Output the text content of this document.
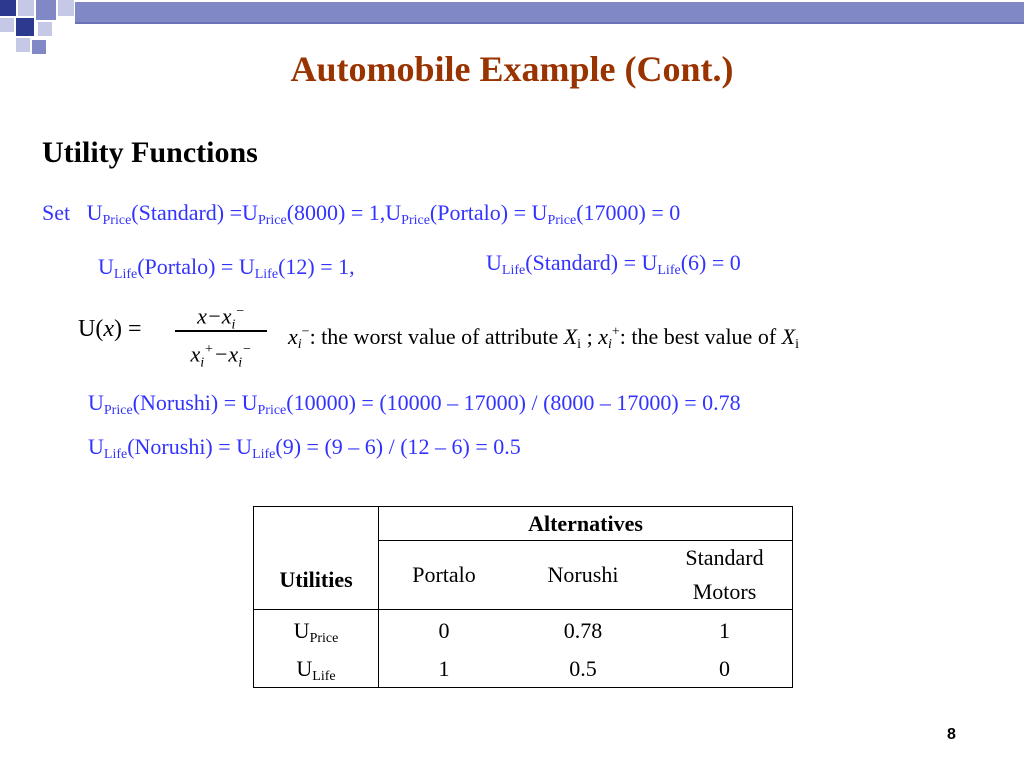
Automobile Example (Cont.)
Utility Functions
Set $U_{Price}(Standard) =U_{Price}(8000)$ = $1,U_{Price}(Portalo) = U_{Price}(17000) = 0$
$U_{Life}(Portalo) = U_{Life}(12) = 1$,	$U_{Life}(Standard) = U_{Life}(6) = 0$
U(x) =
$x-x_i^-$
$x_i^+-x_i^-$
$x_i^-$: the worst value of attribute $X_i$ ; $x_i^+$: the best value of $X_i$
$U_{Price}(Norushi) = U_{Price}(10000) = (10000 - 17000) / (8000 - 17000) = 0.78$
$U_{Life}(Norushi) = U_{Life}(9) = (9 - 6) / (12 - 6) = 0.5$
Utilities	Alternatives		
	Portalo	Norushi	Standard
Motors
$U_{Price}$	0	0.78	1
$U_{Life}$	1	0.5	0
8
